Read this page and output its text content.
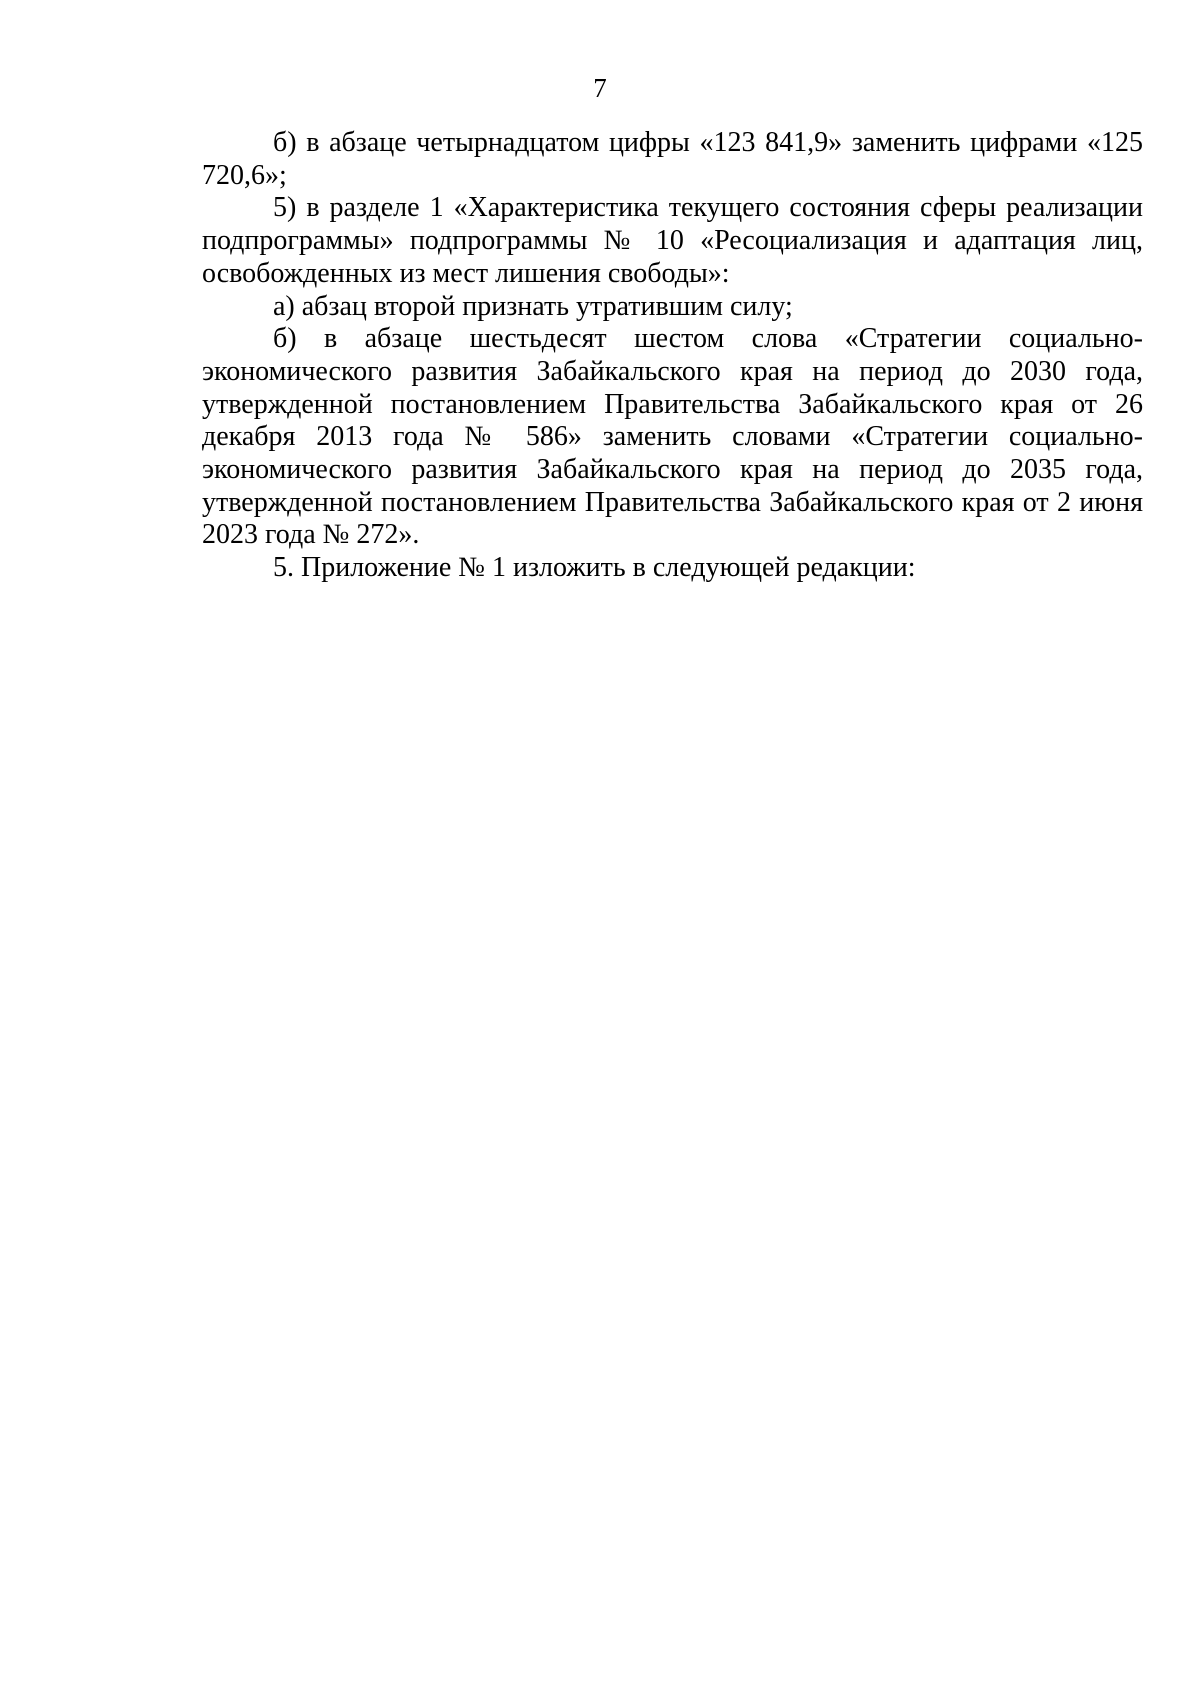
7

б) в абзаце четырнадцатом цифры «123 841,9» заменить цифрами «125 720,6»;

5) в разделе 1 «Характеристика текущего состояния сферы реализации подпрограммы» подпрограммы № 10 «Ресоциализация и адаптация лиц, освобожденных из мест лишения свободы»:

а) абзац второй признать утратившим силу;

б) в абзаце шестьдесят шестом слова «Стратегии социально-экономического развития Забайкальского края на период до 2030 года, утвержденной постановлением Правительства Забайкальского края от 26 декабря 2013 года № 586» заменить словами «Стратегии социально-экономического развития Забайкальского края на период до 2035 года, утвержденной постановлением Правительства Забайкальского края от 2 июня 2023 года № 272».

5. Приложение № 1 изложить в следующей редакции:
